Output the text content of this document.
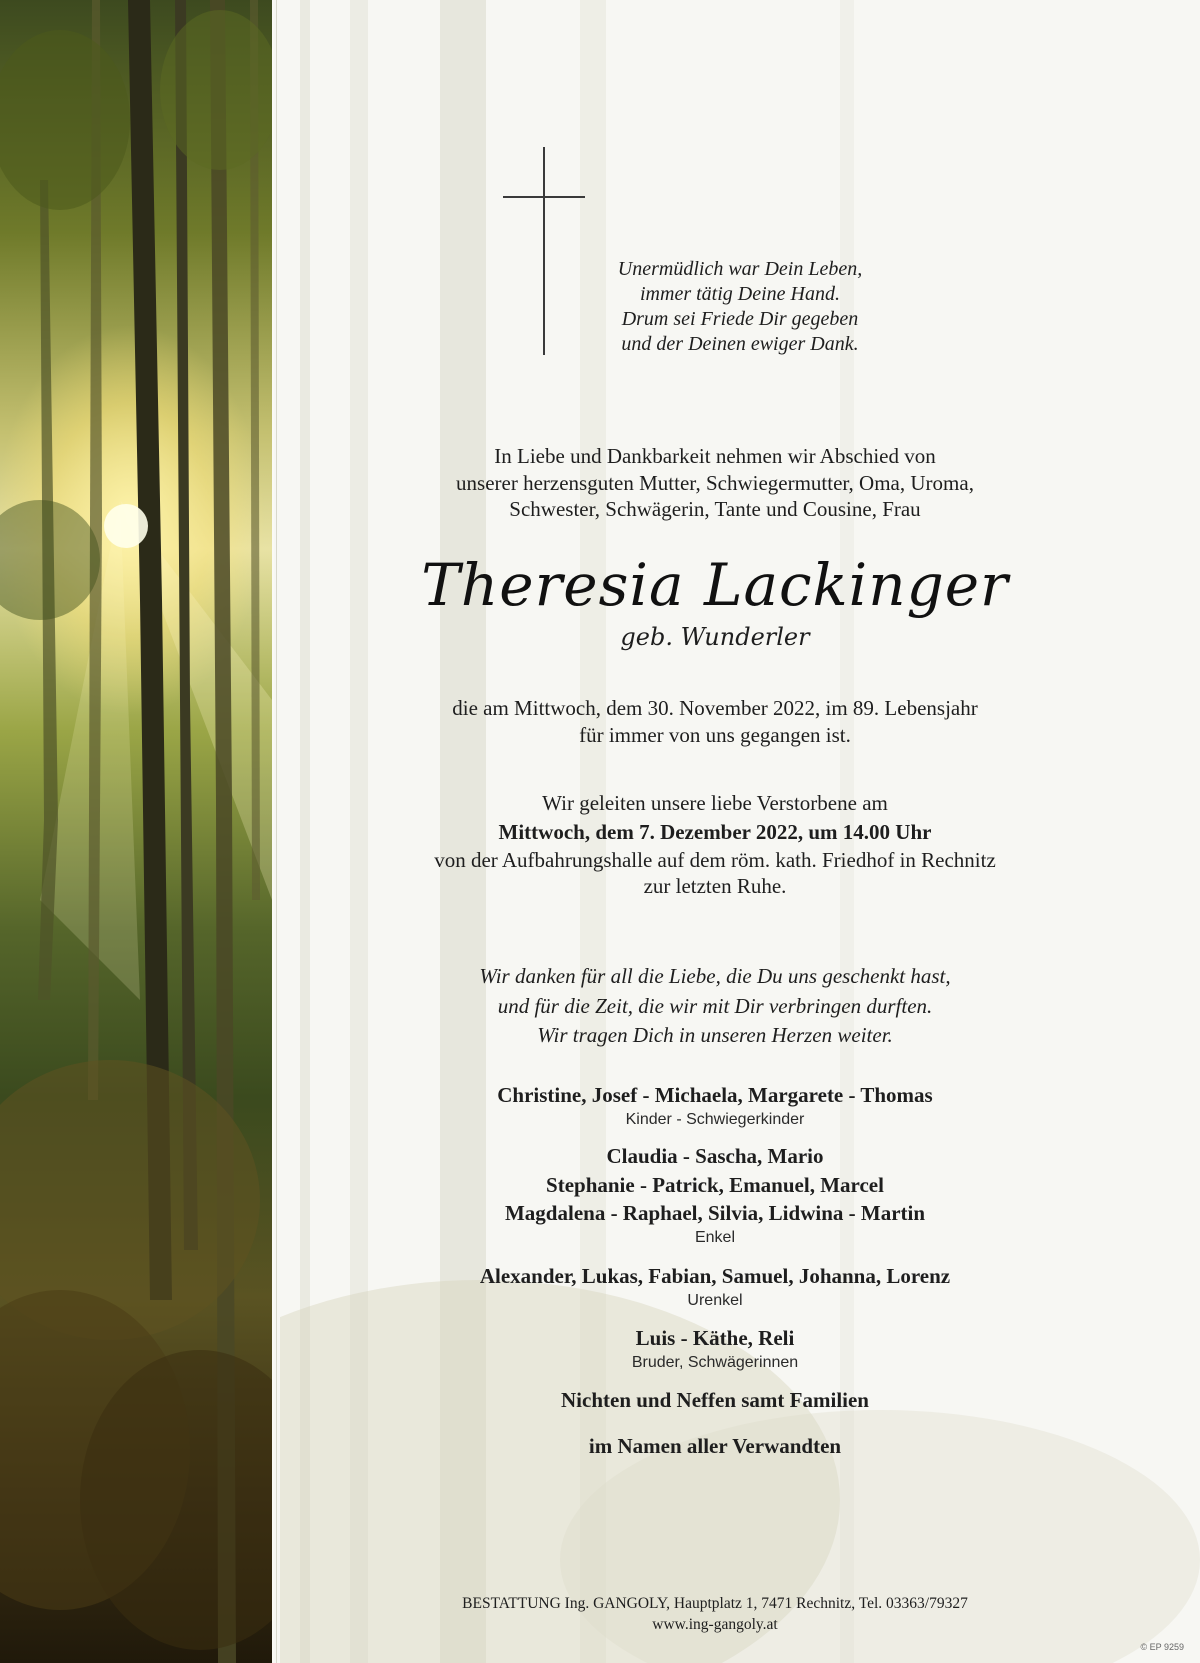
Unermüdlich war Dein Leben,
immer tätig Deine Hand.
Drum sei Friede Dir gegeben
und der Deinen ewiger Dank.
In Liebe und Dankbarkeit nehmen wir Abschied von
unserer herzensguten Mutter, Schwiegermutter, Oma, Uroma,
Schwester, Schwägerin, Tante und Cousine, Frau
Theresia Lackinger
geb. Wunderler
die am Mittwoch, dem 30. November 2022, im 89. Lebensjahr
für immer von uns gegangen ist.
Wir geleiten unsere liebe Verstorbene am
Mittwoch, dem 7. Dezember 2022, um 14.00 Uhr
von der Aufbahrungshalle auf dem röm. kath. Friedhof in Rechnitz
zur letzten Ruhe.
Wir danken für all die Liebe, die Du uns geschenkt hast,
und für die Zeit, die wir mit Dir verbringen durften.
Wir tragen Dich in unseren Herzen weiter.
Christine, Josef - Michaela, Margarete - Thomas
Kinder - Schwiegerkinder
Claudia - Sascha, Mario
Stephanie - Patrick, Emanuel, Marcel
Magdalena - Raphael, Silvia, Lidwina - Martin
Enkel
Alexander, Lukas, Fabian, Samuel, Johanna, Lorenz
Urenkel
Luis - Käthe, Reli
Bruder, Schwägerinnen
Nichten und Neffen samt Familien
im Namen aller Verwandten
BESTATTUNG Ing. GANGOLY, Hauptplatz 1, 7471 Rechnitz, Tel. 03363/79327
www.ing-gangoly.at
© EP 9259
